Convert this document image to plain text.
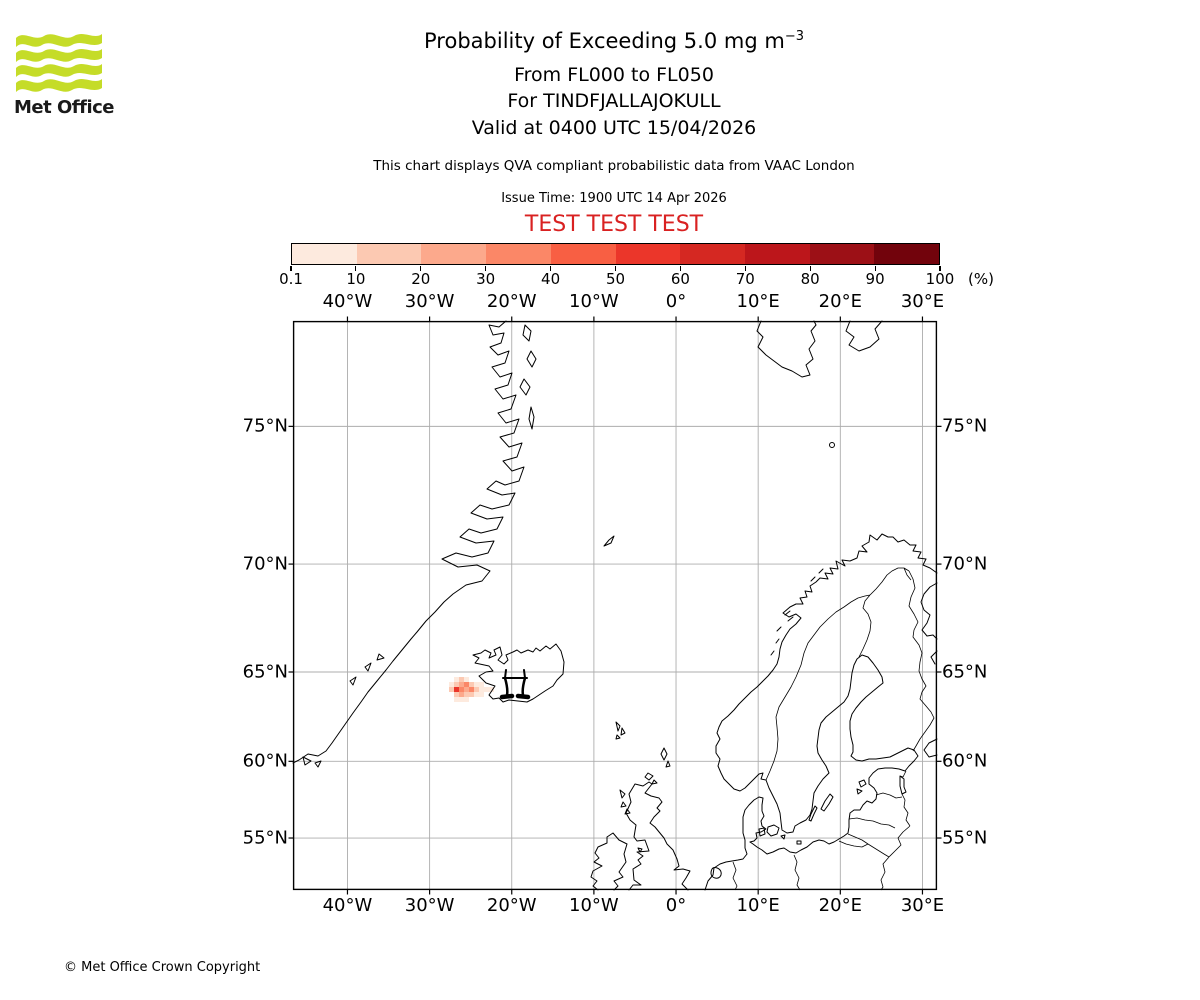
Met Office
Probability of Exceeding 5.0 mg $m^{-3}$
From FL000 to FL050
For TINDFJALLAJOKULL
Valid at 0400 UTC 15/04/2026
This chart displays QVA compliant probabilistic data from VAAC London
Issue Time: 1900 UTC 14 Apr 2026
TEST TEST TEST
0.1	10	20	30	40	50	60	70	80	90	100 (%)
40°W
40°W
30°W
30°W
20°W
20°W
10°W
10°W
0°
0°
10°E
10°E
20°E
20°E
30°E
30°E
55°N	55°N
60°N	60°N
65°N	65°N
70°N	70°N
75°N	75°N
© Met Office Crown Copyright
